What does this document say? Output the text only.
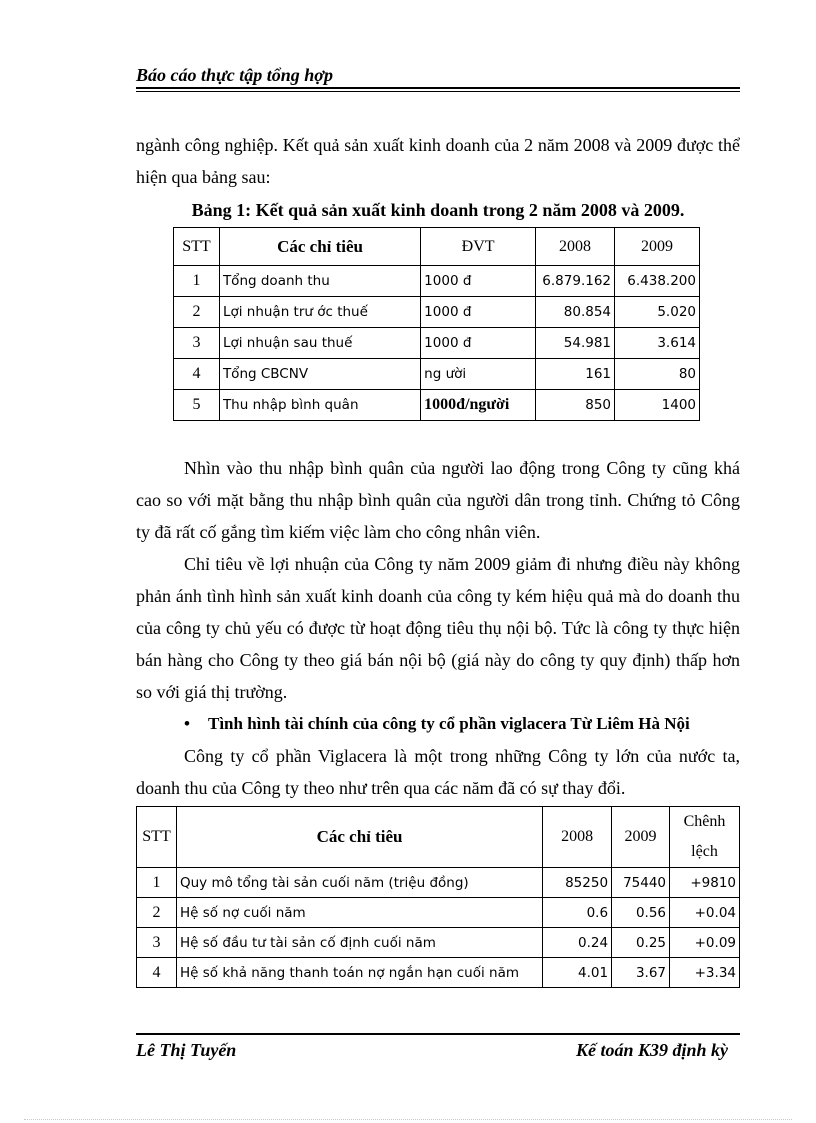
Báo cáo thực tập tổng hợp

ngành công nghiệp. Kết quả sản xuất kinh doanh của 2 năm 2008 và 2009 được thể hiện qua bảng sau:

Bảng 1: Kết quả sản xuất kinh doanh trong 2 năm 2008 và 2009.
STT	Các chỉ tiêu	ĐVT	2008	2009
1	Tổng doanh thu	1000 đ	6.879.162	6.438.200
2	Lợi nhuận trư ớc thuế	1000 đ	80.854	5.020
3	Lợi nhuận sau thuế	1000 đ	54.981	3.614
4	Tổng CBCNV	ng ười	161	80
5	Thu nhập bình quân	1000đ/người	850	1400

Nhìn vào thu nhập bình quân của người lao động trong Công ty cũng khá cao so với mặt bằng thu nhập bình quân của người dân trong tỉnh. Chứng tỏ Công ty đã rất cố gắng tìm kiếm việc làm cho công nhân viên.

Chỉ tiêu về lợi nhuận của Công ty năm 2009 giảm đi nhưng điều này không phản ánh tình hình sản xuất kinh doanh của công ty kém hiệu quả mà do doanh thu của công ty chủ yếu có được từ hoạt động tiêu thụ nội bộ. Tức là công ty thực hiện bán hàng cho Công ty theo giá bán nội bộ (giá này do công ty quy định) thấp hơn so với giá thị trường.

• Tình hình tài chính của công ty cổ phần viglacera Từ Liêm Hà Nội

Công ty cổ phần Viglacera là một trong những Công ty lớn của nước ta, doanh thu của Công ty theo như trên qua các năm đã có sự thay đổi.

STT	Các chỉ tiêu	2008	2009	Chênh
lệch

1	Quy mô tổng tài sản cuối năm (triệu đồng)	85250	75440	+9810
2	Hệ số nợ cuối năm	0.6	0.56	+0.04
3	Hệ số đầu tư tài sản cố định cuối năm	0.24	0.25	+0.09
4	Hệ số khả năng thanh toán nợ ngắn hạn cuối năm	4.01	3.67	+3.34
Lê Thị Tuyến	Kế toán K39 định kỳ
